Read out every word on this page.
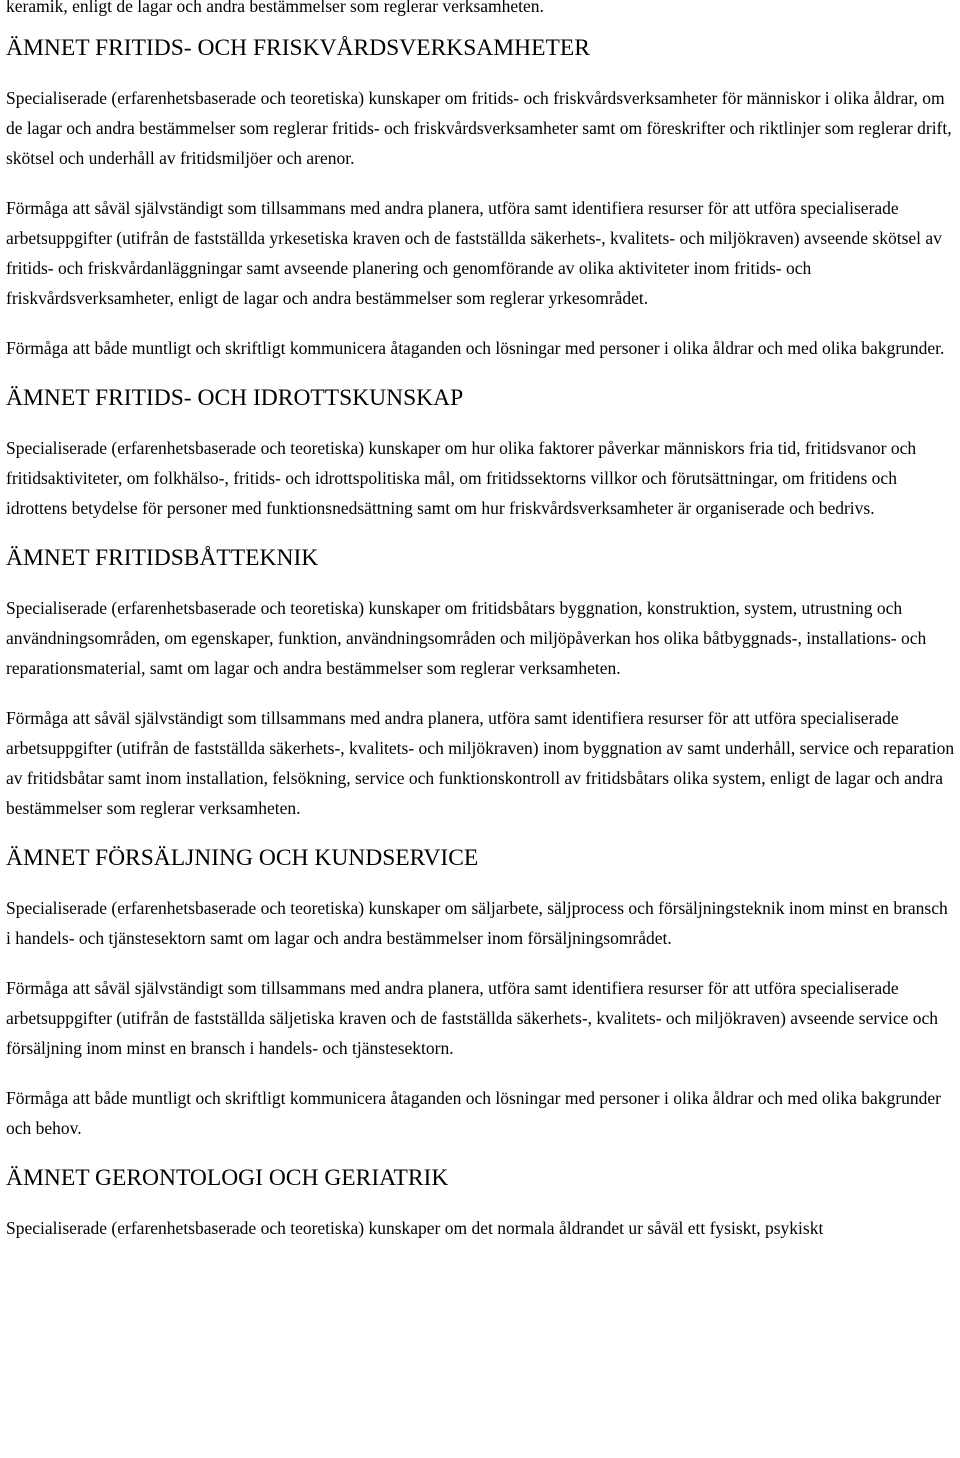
keramik, enligt de lagar och andra bestämmelser som reglerar verksamheten.

ÄMNET FRITIDS- OCH FRISKVÅRDSVERKSAMHETER

Specialiserade (erfarenhetsbaserade och teoretiska) kunskaper om fritids- och friskvårdsverksamheter för människor i olika åldrar, om de lagar och andra bestämmelser som reglerar fritids- och friskvårdsverksamheter samt om föreskrifter och riktlinjer som reglerar drift, skötsel och underhåll av fritidsmiljöer och arenor.

Förmåga att såväl självständigt som tillsammans med andra planera, utföra samt identifiera resurser för att utföra specialiserade arbetsuppgifter (utifrån de fastställda yrkesetiska kraven och de fastställda säkerhets-, kvalitets- och miljökraven) avseende skötsel av fritids- och friskvårdanläggningar samt avseende planering och genomförande av olika aktiviteter inom fritids- och friskvårdsverksamheter, enligt de lagar och andra bestämmelser som reglerar yrkesområdet.

Förmåga att både muntligt och skriftligt kommunicera åtaganden och lösningar med personer i olika åldrar och med olika bakgrunder.

ÄMNET FRITIDS- OCH IDROTTSKUNSKAP

Specialiserade (erfarenhetsbaserade och teoretiska) kunskaper om hur olika faktorer påverkar människors fria tid, fritidsvanor och fritidsaktiviteter, om folkhälso-, fritids- och idrottspolitiska mål, om fritidssektorns villkor och förutsättningar, om fritidens och idrottens betydelse för personer med funktionsnedsättning samt om hur friskvårdsverksamheter är organiserade och bedrivs.

ÄMNET FRITIDSBÅTTEKNIK

Specialiserade (erfarenhetsbaserade och teoretiska) kunskaper om fritidsbåtars byggnation, konstruktion, system, utrustning och användningsområden, om egenskaper, funktion, användningsområden och miljöpåverkan hos olika båtbyggnads-, installations- och reparationsmaterial, samt om lagar och andra bestämmelser som reglerar verksamheten.

Förmåga att såväl självständigt som tillsammans med andra planera, utföra samt identifiera resurser för att utföra specialiserade arbetsuppgifter (utifrån de fastställda säkerhets-, kvalitets- och miljökraven) inom byggnation av samt underhåll, service och reparation av fritidsbåtar samt inom installation, felsökning, service och funktionskontroll av fritidsbåtars olika system, enligt de lagar och andra bestämmelser som reglerar verksamheten.

ÄMNET FÖRSÄLJNING OCH KUNDSERVICE

Specialiserade (erfarenhetsbaserade och teoretiska) kunskaper om säljarbete, säljprocess och försäljningsteknik inom minst en bransch i handels- och tjänstesektorn samt om lagar och andra bestämmelser inom försäljningsområdet.

Förmåga att såväl självständigt som tillsammans med andra planera, utföra samt identifiera resurser för att utföra specialiserade arbetsuppgifter (utifrån de fastställda säljetiska kraven och de fastställda säkerhets-, kvalitets- och miljökraven) avseende service och försäljning inom minst en bransch i handels- och tjänstesektorn.

Förmåga att både muntligt och skriftligt kommunicera åtaganden och lösningar med personer i olika åldrar och med olika bakgrunder och behov.

ÄMNET GERONTOLOGI OCH GERIATRIK

Specialiserade (erfarenhetsbaserade och teoretiska) kunskaper om det normala åldrandet ur såväl ett fysiskt, psykiskt
